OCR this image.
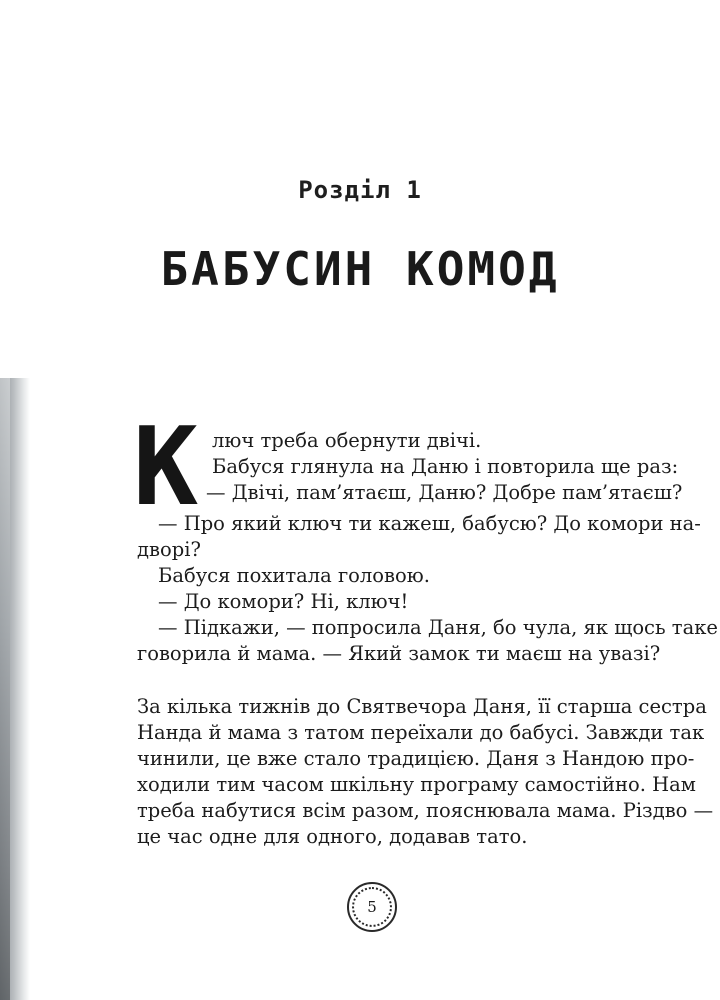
Розділ 1
БАБУСИН КОМОД
К люч треба обернути двічі.
Бабуся глянула на Даню і повторила ще раз:
— Двічі, пам’ятаєш, Даню? Добре пам’ятаєш?
— Про який ключ ти кажеш, бабусю? До комори на-
дворі?
Бабуся похитала головою.
— До комори? Ні, ключ!
— Підкажи, — попросила Даня, бо чула, як щось таке
говорила й мама. — Який замок ти маєш на увазі?
За кілька тижнів до Святвечора Даня, її старша сестра
Нанда й мама з татом переїхали до бабусі. Завжди так
чинили, це вже стало традицією. Даня з Нандою про-
ходили тим часом шкільну програму самостійно. Нам
треба набутися всім разом, пояснювала мама. Різдво —
це час одне для одного, додавав тато.
5
